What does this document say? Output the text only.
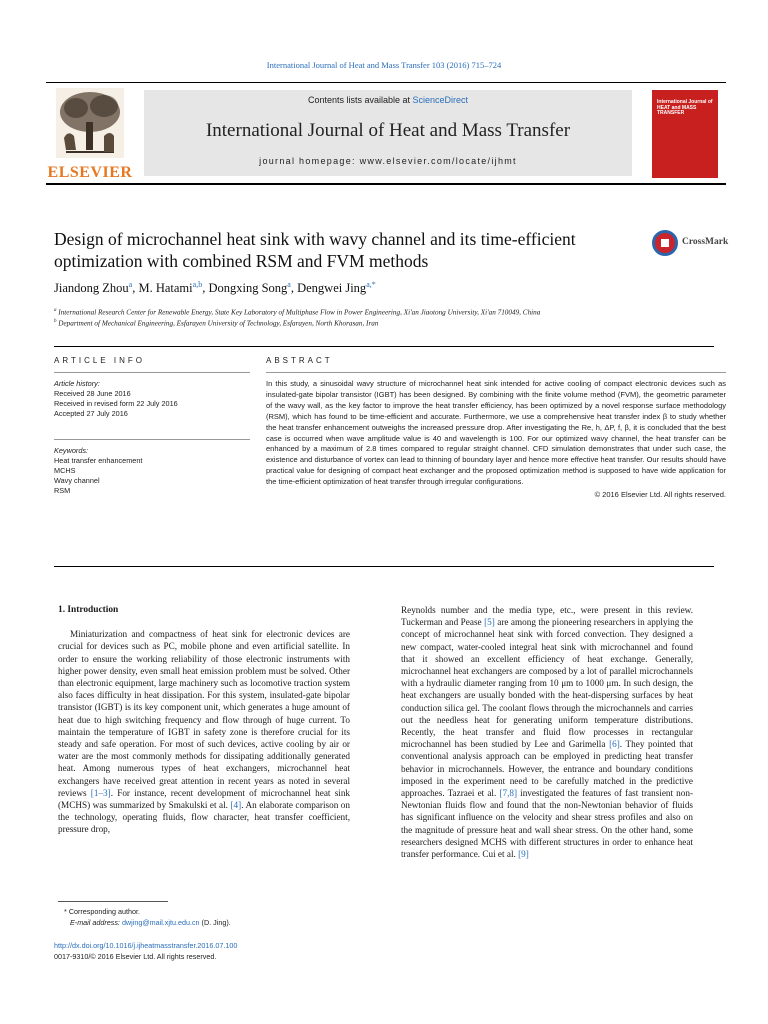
International Journal of Heat and Mass Transfer 103 (2016) 715–724
ELSEVIER
Contents lists available at ScienceDirect
International Journal of Heat and Mass Transfer
journal homepage: www.elsevier.com/locate/ijhmt
International Journal of HEAT and MASS TRANSFER
Design of microchannel heat sink with wavy channel and its time-efficient optimization with combined RSM and FVM methods
CrossMark
Jiandong Zhou$^a$, M. Hatami$^{a,b}$, Dongxing Song$^a$, Dengwei Jing$^{a,*}$
$^a$ International Research Center for Renewable Energy, State Key Laboratory of Multiphase Flow in Power Engineering, Xi'an Jiaotong University, Xi'an 710049, China
$^b$ Department of Mechanical Engineering, Esfarayen University of Technology, Esfarayen, North Khorasan, Iran
ARTICLE INFO	ABSTRACT
Article history:
Received 28 June 2016
Received in revised form 22 July 2016
Accepted 27 July 2016
Keywords:
Heat transfer enhancement
MCHS
Wavy channel
RSM

In this study, a sinusoidal wavy structure of microchannel heat sink intended for active cooling of compact electronic devices such as insulated-gate bipolar transistor (IGBT) has been designed. By combining with the finite volume method (FVM), the geometric parameter of the wavy wall, as the key factor to improve the heat transfer efficiency, has been optimized by a novel response surface methodology (RSM), which has found to be time-efficient and accurate. Furthermore, we use a comprehensive heat transfer index β to study whether the heat transfer enhancement outweighs the increased pressure drop. After investigating the Re, h, ΔP, f, β, it is concluded that the best case is occurred when wave amplitude value is 40 and wavelength is 100. For our optimized wavy channel, the heat transfer can be enhanced by a maximum of 2.8 times compared to regular straight channel. CFD simulation demonstrates that under such case, the existence and disturbance of vortex can lead to thinning of boundary layer and hence more effective heat transfer. Our results should have practical value for designing of compact heat exchanger and the proposed optimization method is supposed to have wide application for the time-efficient optimization of heat transfer through irregular configurations.

© 2016 Elsevier Ltd. All rights reserved.
1. Introduction

Miniaturization and compactness of heat sink for electronic devices are crucial for devices such as PC, mobile phone and even artificial satellite. In order to ensure the working reliability of those electronic instruments with higher power density, even small heat emission problem must be solved. Other than electronic equipment, large machinery such as locomotive traction system also faces difficulty in heat dissipation. For this system, insulated-gate bipolar transistor (IGBT) is its key component unit, which generates a huge amount of heat due to high switching frequency and flow through of huge current. To maintain the temperature of IGBT in safety zone is therefore crucial for its steady and safe operation. For most of such devices, active cooling by air or water are the most commonly methods for dissipating additionally generated heat. Among numerous types of heat exchangers, microchannel heat exchangers have received great attention in recent years as noted in several reviews [1–3]. For instance, recent development of microchannel heat sink (MCHS) was summarized by Smakulski et al. [4]. An elaborate comparison on the technology, operating fluids, flow character, heat transfer coefficient, pressure drop,

Reynolds number and the media type, etc., were present in this review. Tuckerman and Pease [5] are among the pioneering researchers in applying the concept of microchannel heat sink with forced convection. They designed a new compact, water-cooled integral heat sink with microchannel and found that it showed an excellent efficiency of heat exchange. Generally, microchannel heat exchangers are composed by a lot of parallel microchannels with a hydraulic diameter ranging from 10 μm to 1000 μm. In such design, the heat exchangers are usually bonded with the heat-dispersing surfaces by heat conduction silica gel. The coolant flows through the microchannels and carries out the needless heat for generating uniform temperature distributions. Recently, the heat transfer and fluid flow processes in rectangular microchannel has been studied by Lee and Garimella [6]. They pointed that conventional analysis approach can be employed in predicting heat transfer behavior in microchannels. However, the entrance and boundary conditions imposed in the experiment need to be carefully matched in the predictive approaches. Tazraei et al. [7,8] investigated the features of fast transient non-Newtonian fluids flow and found that the non-Newtonian behavior of fluids has significant influence on the velocity and shear stress profiles and also on the magnitude of pressure heat and wall shear stress. On the other hand, some researchers designed MCHS with different structures in order to enhance heat transfer performance. Cui et al. [9]

* Corresponding author.

E-mail address: dwjing@mail.xjtu.edu.cn (D. Jing).

http://dx.doi.org/10.1016/j.ijheatmasstransfer.2016.07.100
0017-9310/© 2016 Elsevier Ltd. All rights reserved.
